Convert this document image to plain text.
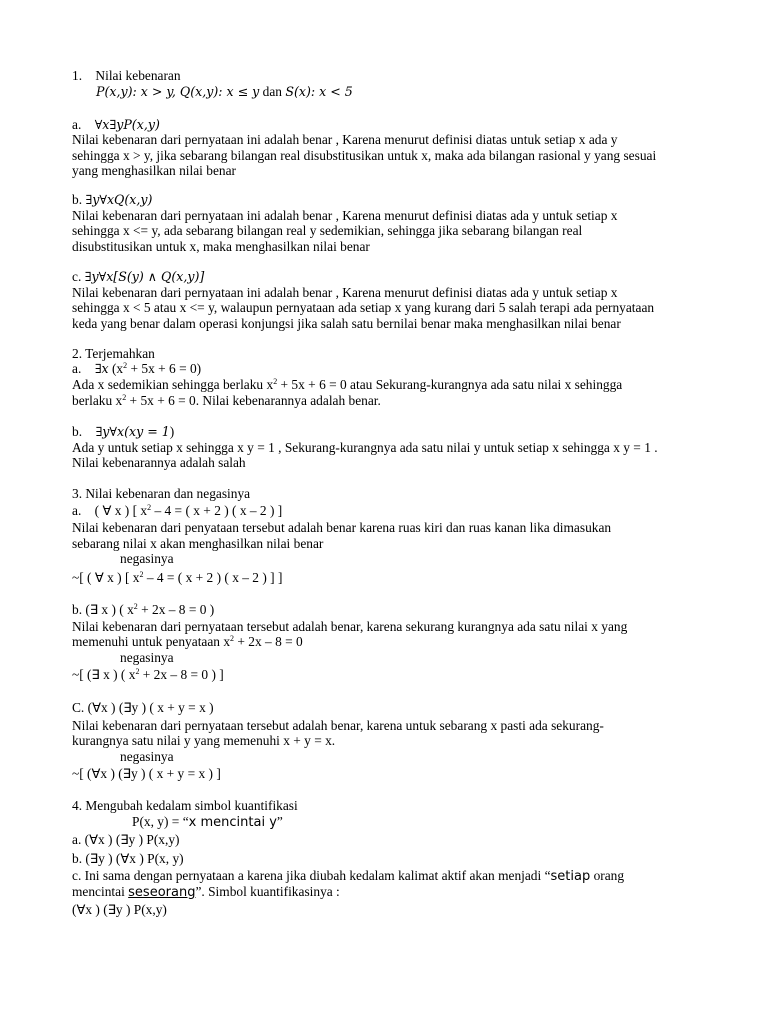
1. Nilai kebenaran
P(x,y): x > y, Q(x,y): x ≤ y dan S(x): x < 5
a. ∀x∃yP(x,y)
Nilai kebenaran dari pernyataan ini adalah benar , Karena menurut definisi diatas untuk setiap x ada y
sehingga x > y, jika sebarang bilangan real disubstitusikan untuk x, maka ada bilangan rasional y yang sesuai
yang menghasilkan nilai benar
b. ∃y∀xQ(x,y)
Nilai kebenaran dari pernyataan ini adalah benar , Karena menurut definisi diatas ada y untuk setiap x
sehingga x <= y, ada sebarang bilangan real y sedemikian, sehingga jika sebarang bilangan real
disubstitusikan untuk x, maka menghasilkan nilai benar
c. ∃y∀x[S(y) ∧ Q(x,y)]
Nilai kebenaran dari pernyataan ini adalah benar , Karena menurut definisi diatas ada y untuk setiap x
sehingga x < 5 atau x <= y, walaupun pernyataan ada setiap x yang kurang dari 5 salah terapi ada pernyataan
keda yang benar dalam operasi konjungsi jika salah satu bernilai benar maka menghasilkan nilai benar
2. Terjemahkan
a. ∃x $(x^2 + 5x + 6 = 0)$
Ada x sedemikian sehingga berlaku $x^2 + 5x + 6 = 0$ atau Sekurang-kurangnya ada satu nilai x sehingga
berlaku $x^2 + 5x + 6 = 0$. Nilai kebenarannya adalah benar.
b. ∃y∀x(xy = 1)
Ada y untuk setiap x sehingga x y = 1 , Sekurang-kurangnya ada satu nilai y untuk setiap x sehingga x y = 1 .
Nilai kebenarannya adalah salah
3. Nilai kebenaran dan negasinya
a. ( ∀ x ) [ $x^2 - 4$ = ( x + 2 ) ( x – 2 ) ]
Nilai kebenaran dari penyataan tersebut adalah benar karena ruas kiri dan ruas kanan lika dimasukan
sebarang nilai x akan menghasilkan nilai benar
negasinya
~[ ( ∀ x ) [ $x^2 - 4$ = ( x + 2 ) ( x – 2 ) ] ]
b. (∃ x ) ( $x^2 + 2x - 8 = 0$ )
Nilai kebenaran dari pernyataan tersebut adalah benar, karena sekurang kurangnya ada satu nilai x yang
memenuhi untuk penyataan $x^2 + 2x - 8 = 0$
negasinya
~[ (∃ x ) ( $x^2 + 2x - 8 = 0$ ) ]
C. (∀x ) (∃y ) ( x + y = x )
Nilai kebenaran dari pernyataan tersebut adalah benar, karena untuk sebarang x pasti ada sekurang-
kurangnya satu nilai y yang memenuhi x + y = x.
negasinya
~[ (∀x ) (∃y ) ( x + y = x ) ]
4. Mengubah kedalam simbol kuantifikasi
P(x, y) = “x mencintai y”
a. (∀x ) (∃y ) P(x,y)
b. (∃y ) (∀x ) P(x, y)
c. Ini sama dengan pernyataan a karena jika diubah kedalam kalimat aktif akan menjadi “setiap orang
mencintai seseorang”. Simbol kuantifikasinya :
(∀x ) (∃y ) P(x,y)
